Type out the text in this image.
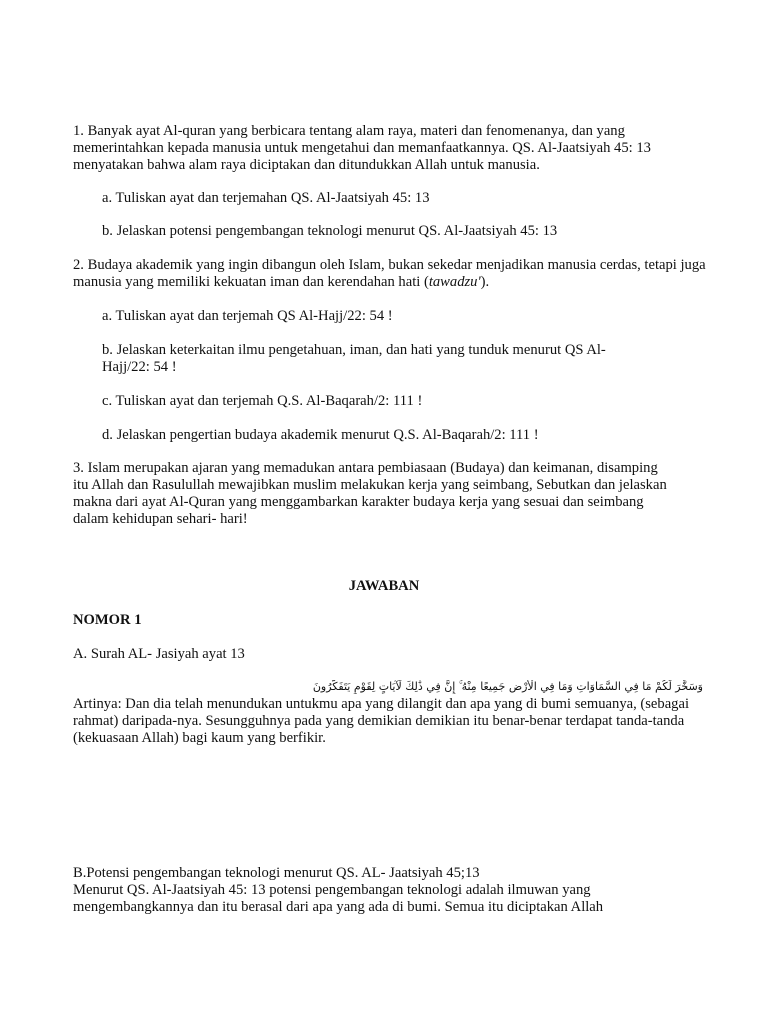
1. Banyak ayat Al-quran yang berbicara tentang alam raya, materi dan fenomenanya, dan yang memerintahkan kepada manusia untuk mengetahui dan memanfaatkannya. QS. Al-Jaatsiyah 45: 13 menyatakan bahwa alam raya diciptakan dan ditundukkan Allah untuk manusia.

a. Tuliskan ayat dan terjemahan QS. Al-Jaatsiyah 45: 13

b. Jelaskan potensi pengembangan teknologi menurut QS. Al-Jaatsiyah 45: 13

2. Budaya akademik yang ingin dibangun oleh Islam, bukan sekedar menjadikan manusia cerdas, tetapi juga manusia yang memiliki kekuatan iman dan kerendahan hati (tawadzu').

a. Tuliskan ayat dan terjemah QS Al-Hajj/22: 54 !

b. Jelaskan keterkaitan ilmu pengetahuan, iman, dan hati yang tunduk menurut QS Al-Hajj/22: 54 !

c. Tuliskan ayat dan terjemah Q.S. Al-Baqarah/2: 111 !

d. Jelaskan pengertian budaya akademik menurut Q.S. Al-Baqarah/2: 111 !

3. Islam merupakan ajaran yang memadukan antara pembiasaan (Budaya) dan keimanan, disamping itu Allah dan Rasulullah mewajibkan muslim melakukan kerja yang seimbang, Sebutkan dan jelaskan makna dari ayat Al-Quran yang menggambarkan karakter budaya kerja yang sesuai dan seimbang dalam kehidupan sehari- hari!

JAWABAN

NOMOR 1

A. Surah AL- Jasiyah ayat 13

وَسَخَّرَ لَكُمْ مَا فِي السَّمَاوَاتِ وَمَا فِي الْأَرْضِ جَمِيعًا مِنْهُ ۚ إِنَّ فِي ذَٰلِكَ لَآيَاتٍ لِقَوْمٍ يَتَفَكَّرُونَ

Artinya: Dan dia telah menundukan untukmu apa yang dilangit dan apa yang di bumi semuanya, (sebagai rahmat) daripada-nya. Sesungguhnya pada yang demikian demikian itu benar-benar terdapat tanda-tanda (kekuasaan Allah) bagi kaum yang berfikir.

B.Potensi pengembangan teknologi menurut QS. AL- Jaatsiyah 45;13

Menurut QS. Al-Jaatsiyah 45: 13 potensi pengembangan teknologi adalah ilmuwan yang mengembangkannya dan itu berasal dari apa yang ada di bumi. Semua itu diciptakan Allah
